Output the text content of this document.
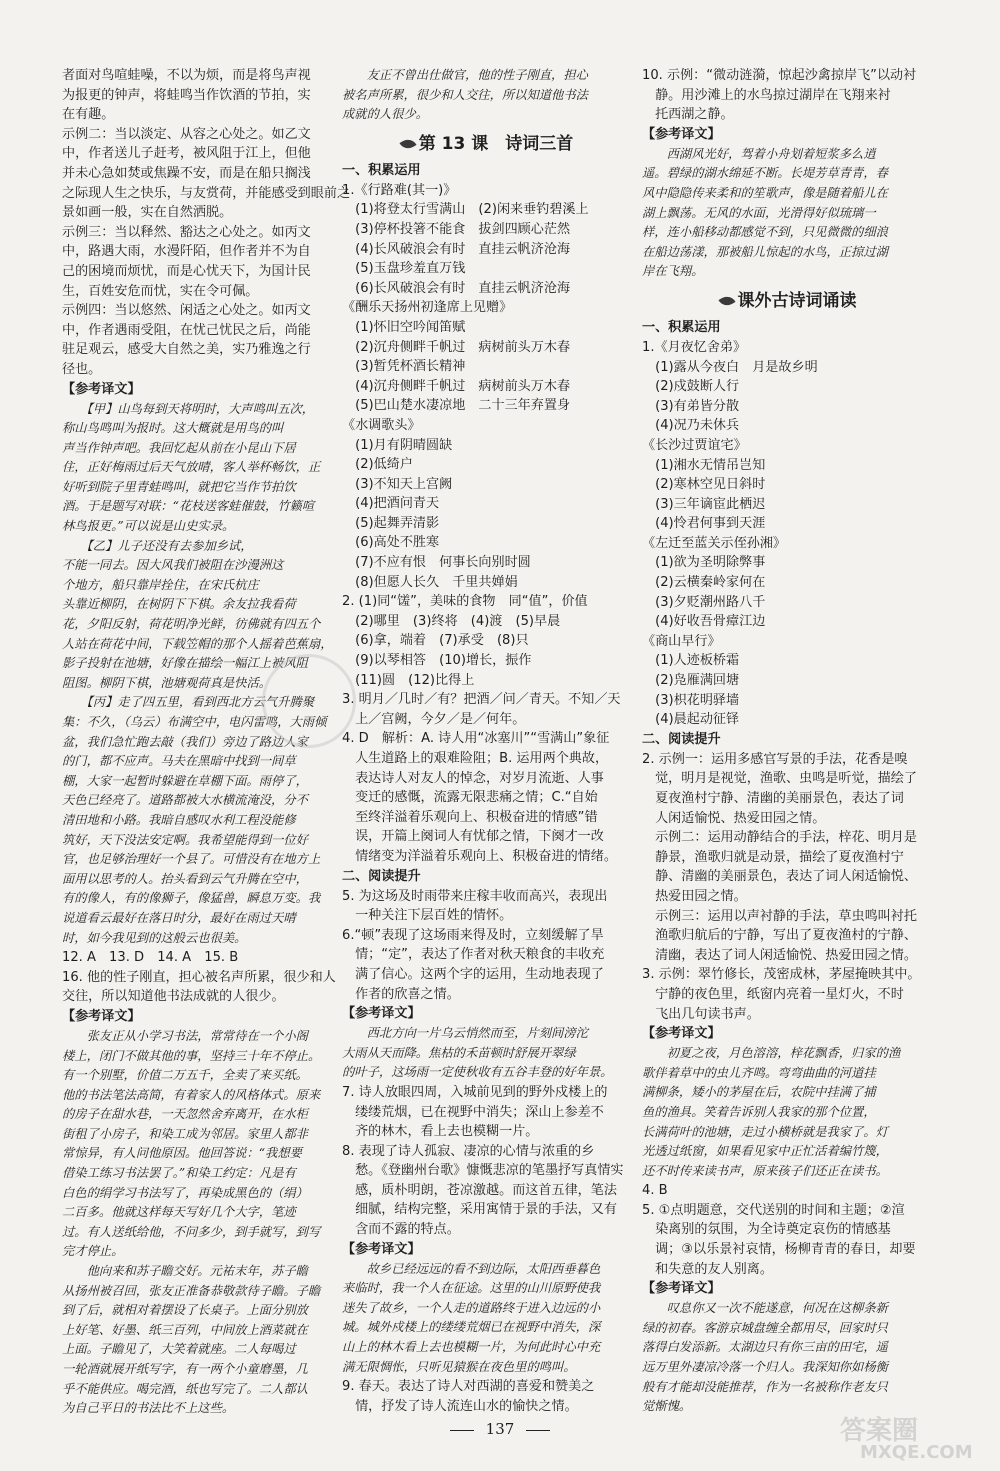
者面对鸟喧蛙噪，不以为烦，而是将鸟声视

为报更的钟声，将蛙鸣当作饮酒的节拍，实

在有趣。

示例二：当以淡定、从容之心处之。如乙文

中，作者送儿子赶考，被风阻于江上，但他

并未心急如焚或焦躁不安，而是在船只搁浅

之际现人生之快乐，与友赏荷，并能感受到眼前之

景如画一般，实在自然洒脱。

示例三：当以释然、豁达之心处之。如丙文

中，路遇大雨，水漫阡陌，但作者并不为自

己的困境而烦忧，而是心忧天下，为国计民

生，百姓安危而忧，实在令可佩。

示例四：当以悠然、闲适之心处之。如丙文

中，作者遇雨受阻，在忧己忧民之后，尚能

驻足观云，感受大自然之美，实乃雅逸之行

径也。

【参考译文】

　　【甲】山鸟每到天将明时，大声鸣叫五次，

称山鸟鸣叫为报时。这大概就是用鸟的叫

声当作钟声吧。我回忆起从前在小昆山下居

住，正好梅雨过后天气放晴，客人举杯畅饮，正

好听到院子里青蛙鸣叫，就把它当作节拍饮

酒。于是题写对联：“花枝送客蛙催鼓，竹籁喧

林鸟报更。”可以说是山史实录。

　　【乙】儿子还没有去参加乡试，

不能一同去。因大风我们被阻在沙漫洲这

个地方，船只靠岸拴住，在宋氏杭庄

头靠近柳阴，在树阴下下棋。余友拉我看荷

花，夕阳反射，荷花明净光鲜，彷佛就有四五个

人站在荷花中间，下载笠帽的那个人摇着芭蕉扇，

影子投射在池塘，好像在描绘一幅江上被风阻

阻图。柳阴下棋，池塘观荷真是快活。

　　【丙】走了四五里，看到西北方云气升腾聚

集：不久，（乌云）布满空中，电闪雷鸣，大雨倾

盆，我们急忙跑去敲（我们）旁边了路边人家

的门，都不应声。马夫在黑暗中找到一间草

棚，大家一起暂时躲避在草棚下面。雨停了，

天色已经亮了。道路都被大水横流淹没，分不

清田地和小路。我暗自感叹水利工程没能修

筑好，天下没法安定啊。我希望能得到一位好

官，也足够治理好一个县了。可惜没有在地方上

面用以思考的人。抬头看到云气升腾在空中，

有的像人，有的像狮子，像猛兽，瞬息万变。我

说道看云最好在落日时分，最好在雨过天晴

时，如今我见到的这般云也很美。

12. A　13. D　14. A　15. B

16. 他的性子刚直，担心被名声所累，很少和人

交往，所以知道他书法成就的人很少。

【参考译文】

　　张友正从小学习书法，常常待在一个小阁

楼上，闭门不做其他的事，坚持三十年不停止。

有一个别墅，价值二万五千，全卖了来买纸。

他的书法笔法高简，有着家人的风格体式。原来

的房子在甜水巷，一天忽然舍弃离开，在水柜

街租了小房子，和染工成为邻居。家里人都非

常惊异，有人问他原因。他回答说：“我想要

借染工练习书法罢了。”和染工约定：凡是有

白色的绢学习书法写了，再染成黑色的（绢）

二百多。他就这样每天写好几个大字，笔迹

过。有人送纸给他，不问多少，到手就写，到写

完才停止。

　　他向来和苏子瞻交好。元祐末年，苏子瞻

从扬州被召回，张友正准备恭敬款待子瞻。子瞻

到了后，就相对着摆设了长桌子。上面分别放

上好笔、好墨、纸三百列，中间放上酒菜就在

上面。子瞻见了，大笑着就座。二人每喝过

一轮酒就展开纸写字，有一两个小童磨墨，几

乎不能供应。喝完酒，纸也写完了。二人都认

为自己平日的书法比不上这些。

　　友正不曾出仕做官，他的性子刚直，担心

被名声所累，很少和人交往，所以知道他书法

成就的人很少。

第 13 课　诗词三首

一、积累运用

1.《行路难(其一)》

　(1)将登太行雪满山　(2)闲来垂钓碧溪上

　(3)停杯投箸不能食　拔剑四顾心茫然

　(4)长风破浪会有时　直挂云帆济沧海

　(5)玉盘珍羞直万钱

　(6)长风破浪会有时　直挂云帆济沧海

《酬乐天扬州初逢席上见赠》

　(1)怀旧空吟闻笛赋

　(2)沉舟侧畔千帆过　病树前头万木春

　(3)暂凭杯酒长精神

　(4)沉舟侧畔千帆过　病树前头万木春

　(5)巴山楚水凄凉地　二十三年弃置身

《水调歌头》

　(1)月有阴晴圆缺

　(2)低绮户

　(3)不知天上宫阙

　(4)把酒问青天

　(5)起舞弄清影

　(6)高处不胜寒

　(7)不应有恨　何事长向别时圆

　(8)但愿人长久　千里共婵娟

2. (1)同“馐”，美味的食物　同“值”，价值

　(2)哪里　(3)终将　(4)渡　(5)早晨

　(6)拿，端着　(7)承受　(8)只

　(9)以琴相答　(10)增长，振作

　(11)圆　(12)比得上

3. 明月／几时／有？把酒／问／青天。不知／天

　上／宫阙，今夕／是／何年。

4. D　解析：A. 诗人用“冰塞川”“雪满山”象征

　人生道路上的艰难险阻；B. 运用两个典故，

　表达诗人对友人的悼念，对岁月流逝、人事

　变迁的感慨，流露无限悲痛之情；C.“自始

　至终洋溢着乐观向上、积极奋进的情感”错

　误，开篇上阕词人有忧郁之情，下阕才一改

　情绪变为洋溢着乐观向上、积极奋进的情绪。

二、阅读提升

5. 为这场及时雨带来庄稼丰收而高兴，表现出

　一种关注下层百姓的情怀。

6.“顿”表现了这场雨来得及时，立刻缓解了旱

　情；“定”，表达了作者对秋天粮食的丰收充

　满了信心。这两个字的运用，生动地表现了

　作者的欣喜之情。

【参考译文】

　　西北方向一片乌云悄然而至，片刻间滂沱

大雨从天而降。焦枯的禾苗顿时舒展开翠绿

的叶子，这场雨一定使秋收有五谷丰登的好年景。

7. 诗人放眼四周，入城前见到的野外戍楼上的

　缕缕荒烟，已在视野中消失；深山上参差不

　齐的林木，看上去也模糊一片。

8. 表现了诗人孤寂、凄凉的心情与浓重的乡

　愁。《登幽州台歌》慷慨悲凉的笔墨抒写真情实

　感，质朴明朗，苍凉激越。而这首五律，笔法

　细腻，结构完整，采用寓情于景的手法，又有

　含而不露的特点。

【参考译文】

　　故乡已经远远的看不到边际，太阳西垂暮色

来临时，我一个人在征途。这里的山川原野使我

迷失了故乡，一个人走的道路终于进入边远的小

城。城外戍楼上的缕缕荒烟已在视野中消失，深

山上的林木看上去也模糊一片，为何此时心中充

满无限惆怅，只听见猿猴在夜色里的鸣叫。

9. 春天。表达了诗人对西湖的喜爱和赞美之

　情，抒发了诗人流连山水的愉快之情。

10. 示例：“微动涟漪，惊起沙禽掠岸飞”以动衬

　静。用沙滩上的水鸟掠过湖岸在飞翔来衬

　托西湖之静。

【参考译文】

　　西湖风光好，驾着小舟划着短浆多么逍

遥。碧绿的湖水绵延不断。长堤芳草青青，春

风中隐隐传来柔和的笙歌声，像是随着船儿在

湖上飘荡。无风的水面，光滑得好似琉璃一

样，连小船移动都感觉不到，只见微微的细浪

在船边荡漾，那被船儿惊起的水鸟，正掠过湖

岸在飞翔。

课外古诗词诵读

一、积累运用

1.《月夜忆舍弟》

　(1)露从今夜白　月是故乡明

　(2)戍鼓断人行

　(3)有弟皆分散

　(4)况乃未休兵

《长沙过贾谊宅》

　(1)湘水无情吊岂知

　(2)寒林空见日斜时

　(3)三年谪宦此栖迟

　(4)怜君何事到天涯

《左迁至蓝关示侄孙湘》

　(1)欲为圣明除弊事

　(2)云横秦岭家何在

　(3)夕贬潮州路八千

　(4)好收吾骨瘴江边

《商山早行》

　(1)人迹板桥霜

　(2)凫雁满回塘

　(3)枳花明驿墙

　(4)晨起动征铎

二、阅读提升

2. 示例一：运用多感官写景的手法，花香是嗅

　觉，明月是视觉，渔歌、虫鸣是听觉，描绘了

　夏夜渔村宁静、清幽的美丽景色，表达了词

　人闲适愉悦、热爱田园之情。

　示例二：运用动静结合的手法，梓花、明月是

　静景，渔歌归就是动景，描绘了夏夜渔村宁

　静、清幽的美丽景色，表达了词人闲适愉悦、

　热爱田园之情。

　示例三：运用以声衬静的手法，草虫鸣叫衬托

　渔歌归航后的宁静，写出了夏夜渔村的宁静、

　清幽，表达了词人闲适愉悦、热爱田园之情。

3. 示例：翠竹修长，茂密成林，茅屋掩映其中。

　宁静的夜色里，纸窗内亮着一星灯火，不时

　飞出几句读书声。

【参考译文】

　　初夏之夜，月色溶溶，梓花飘香，归家的渔

歌伴着草中的虫儿齐鸣。弯弯曲曲的河道挂

满柳条，矮小的茅屋在后，农院中挂满了捕

鱼的渔具。笑着告诉别人我家的那个位置，

长满荷叶的池塘，走过小横桥就是我家了。灯

光透过纸窗，如果看见家中正忙活着编竹篾，

还不时传来读书声，原来孩子们还正在读书。

4. B

5. ①点明题意，交代送别的时间和主题；②渲

　染离别的氛围，为全诗奠定哀伤的情感基

　调；③以乐景衬哀情，杨柳青青的春日，却要

　和失意的友人别离。

【参考译文】

　　叹息你又一次不能遂意，何况在这柳条新

绿的初春。客游京城盘缠全都用尽，回家时只

落得白发添新。太湖边只有你三亩的田宅，遥

远万里外凄凉冷落一个归人。我深知你如杨衡

般有才能却没能推荐，作为一名被称作老友只

觉惭愧。

137	答案圈
MXQE.COM
